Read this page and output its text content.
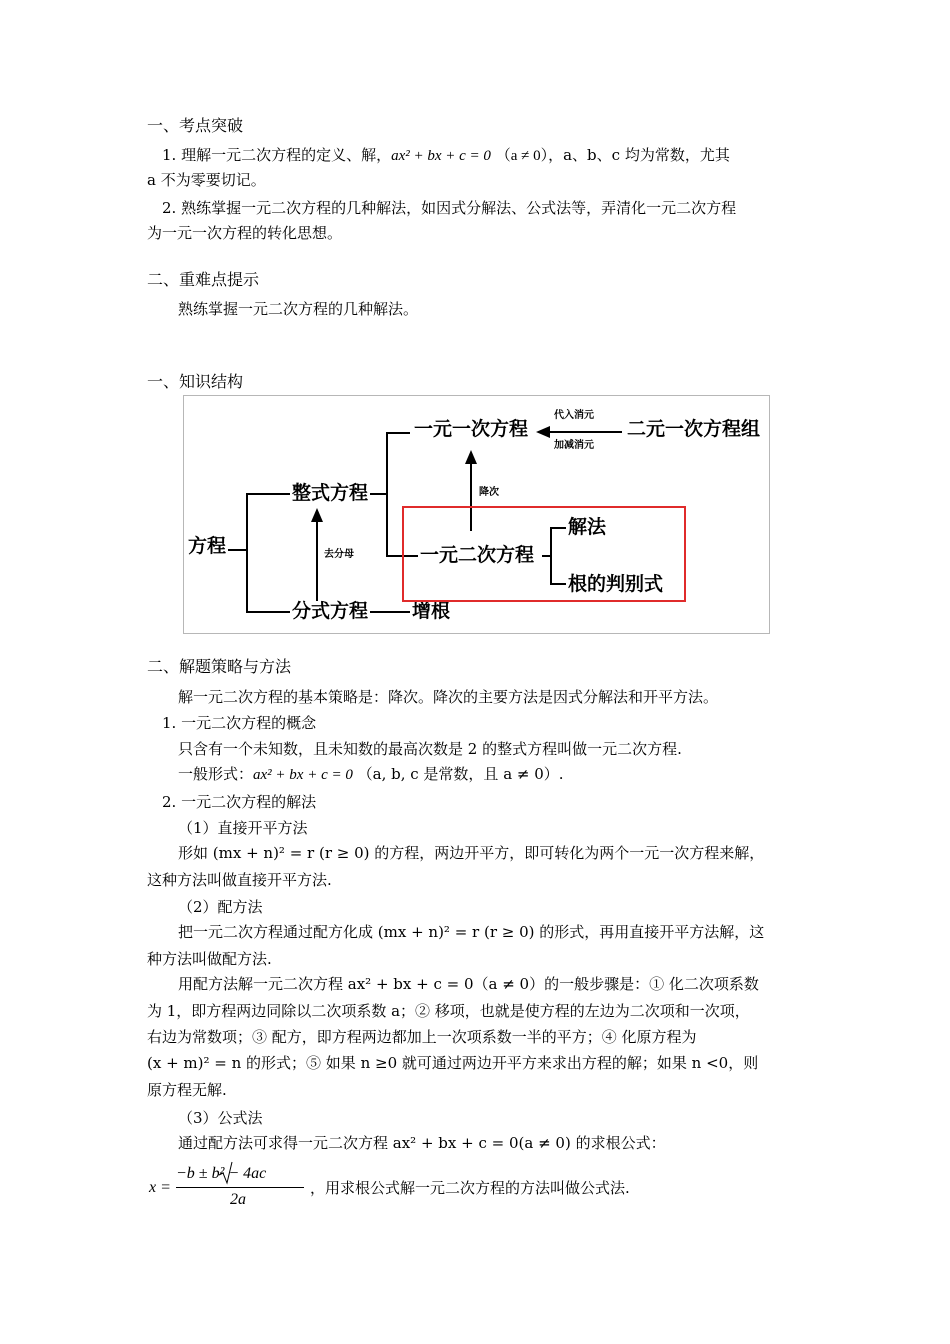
一、考点突破
1. 理解一元二次方程的定义、解，ax² + bx + c = 0 （a ≠ 0），a、b、c 均为常数，尤其
a 不为零要切记。
2. 熟练掌握一元二次方程的几种解法，如因式分解法、公式法等，弄清化一元二次方程
为一元一次方程的转化思想。
二、重难点提示
熟练掌握一元二次方程的几种解法。
一、知识结构
方程
整式方程
分式方程 增根
一元一次方程	二元一次方程组
代入消元
加减消元
降次
去分母	一元二次方程
解法
根的判别式
二、解题策略与方法
解一元二次方程的基本策略是：降次。降次的主要方法是因式分解法和开平方法。
1. 一元二次方程的概念
只含有一个未知数，且未知数的最高次数是 2 的整式方程叫做一元二次方程.
一般形式：ax² + bx + c = 0 （a, b, c 是常数，且 a ≠ 0）.
2. 一元二次方程的解法
（1）直接开平方法
形如 (mx + n)² = r (r ≥ 0) 的方程，两边开平方，即可转化为两个一元一次方程来解，
这种方法叫做直接开平方法.
（2）配方法
把一元二次方程通过配方化成 (mx + n)² = r (r ≥ 0) 的形式，再用直接开平方法解，这
种方法叫做配方法.
用配方法解一元二次方程 ax² + bx + c = 0（a ≠ 0）的一般步骤是：① 化二次项系数
为 1，即方程两边同除以二次项系数 a；② 移项，也就是使方程的左边为二次项和一次项，
右边为常数项；③ 配方，即方程两边都加上一次项系数一半的平方；④ 化原方程为
(x + m)² = n 的形式；⑤ 如果 n ≥0 就可通过两边开平方来求出方程的解；如果 n <0，则
原方程无解.
（3）公式法
通过配方法可求得一元二次方程 ax² + bx + c = 0(a ≠ 0) 的求根公式：
x =
−b ± b² − 4ac
2a
，用求根公式解一元二次方程的方法叫做公式法.
